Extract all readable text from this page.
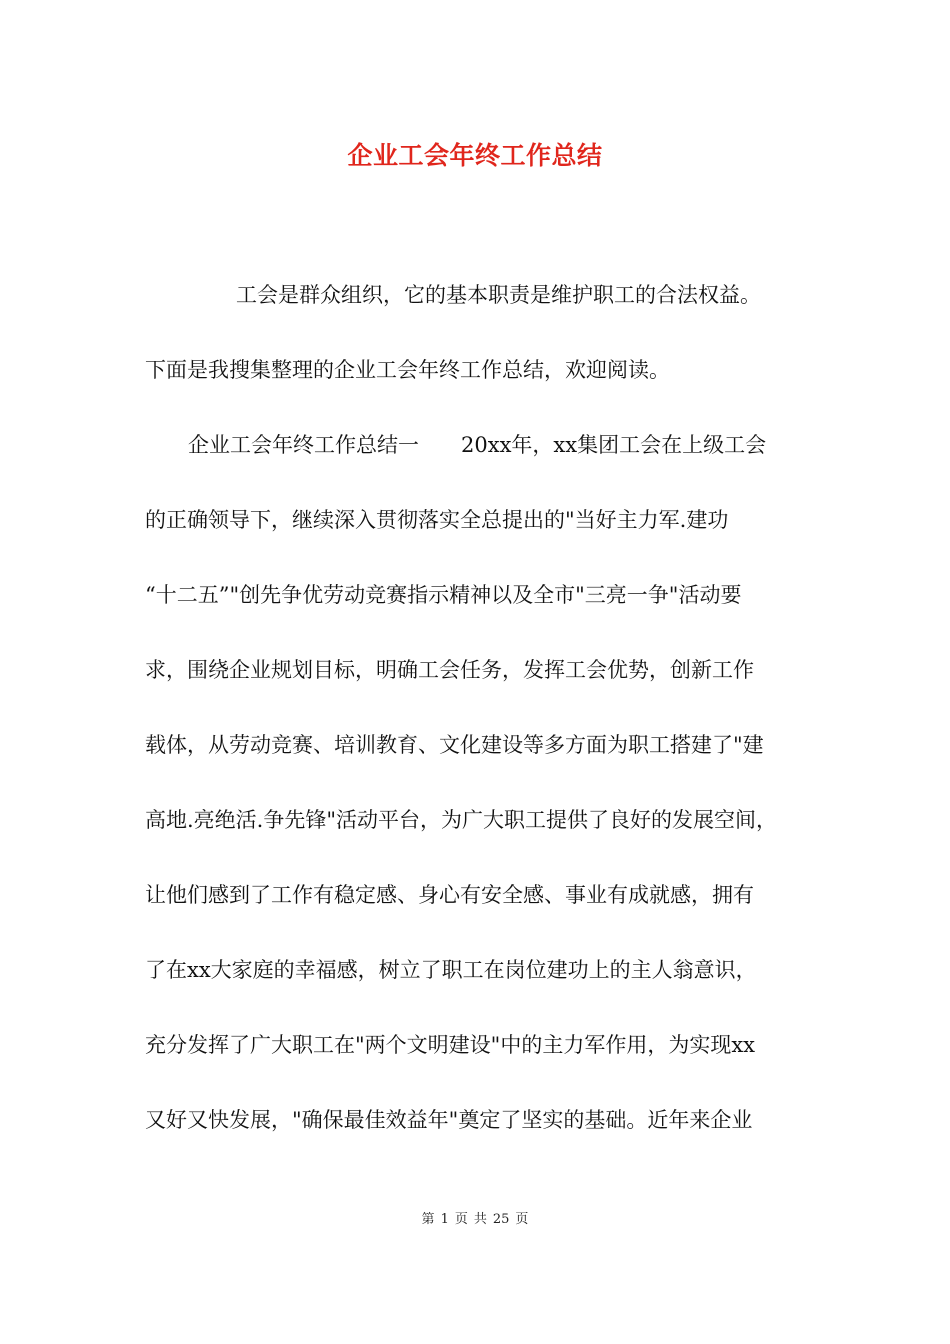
企业工会年终工作总结
工会是群众组织，它的基本职责是维护职工的合法权益。
下面是我搜集整理的企业工会年终工作总结，欢迎阅读。
企业工会年终工作总结一　　20xx年，xx集团工会在上级工会
的正确领导下，继续深入贯彻落实全总提出的"当好主力军.建功
“十二五”"创先争优劳动竞赛指示精神以及全市"三亮一争"活动要
求，围绕企业规划目标，明确工会任务，发挥工会优势，创新工作
载体，从劳动竞赛、培训教育、文化建设等多方面为职工搭建了"建
高地.亮绝活.争先锋"活动平台，为广大职工提供了良好的发展空间，
让他们感到了工作有稳定感、身心有安全感、事业有成就感，拥有
了在xx大家庭的幸福感，树立了职工在岗位建功上的主人翁意识，
充分发挥了广大职工在"两个文明建设"中的主力军作用，为实现xx
又好又快发展，"确保最佳效益年"奠定了坚实的基础。近年来企业
第 1 页 共 25 页
